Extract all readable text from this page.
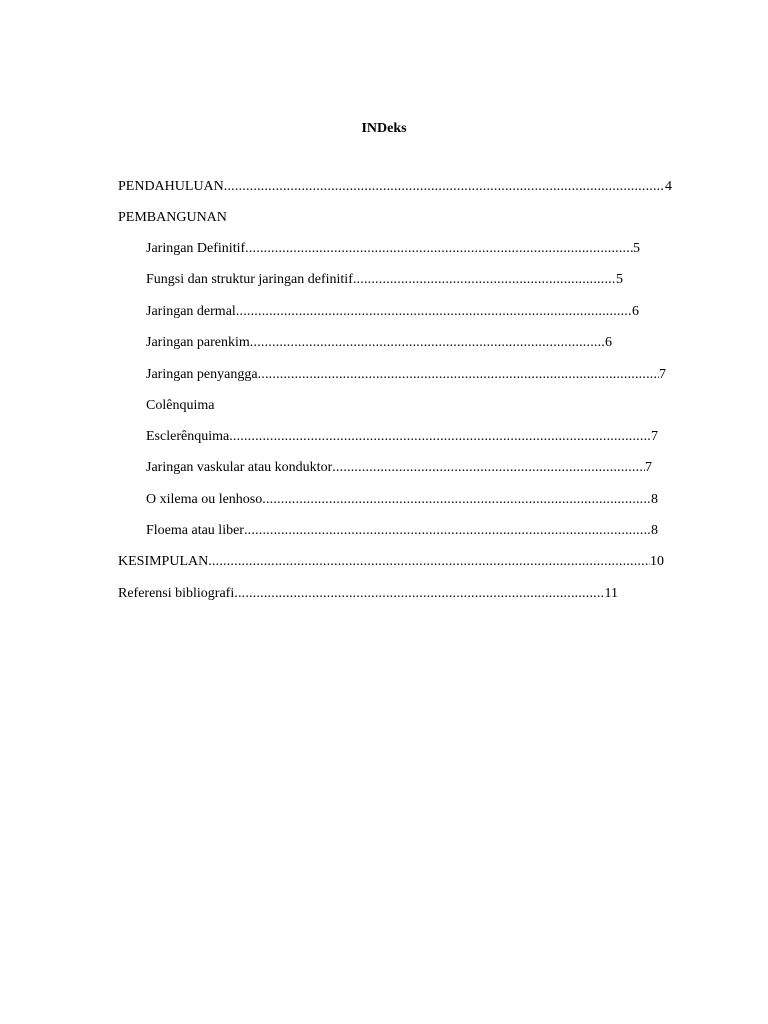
INDeks
PENDAHULUAN .....	4
PEMBANGUNAN
Jaringan Definitif .....	5
Fungsi dan struktur jaringan definitif .....	5
Jaringan dermal .....	6
Jaringan parenkim .....	6
Jaringan penyangga .....	7
Colênquima
Esclerênquima .....	7
Jaringan vaskular atau konduktor .....	7
O xilema ou lenhoso .....	8
Floema atau liber .....	8
KESIMPULAN .....	10
Referensi bibliografi .....	11
